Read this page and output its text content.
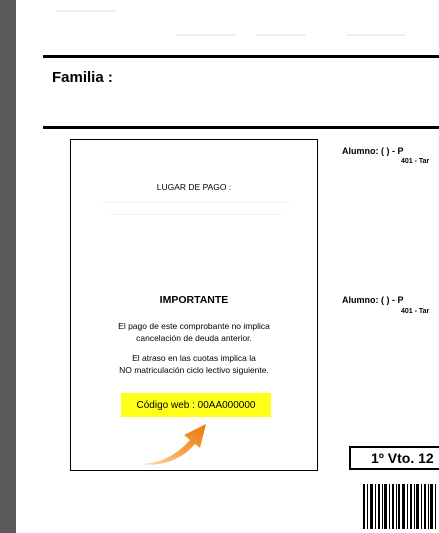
Familia :
LUGAR DE PAGO :
IMPORTANTE
El pago de este comprobante no implica
cancelación de deuda anterior.
El atraso en las cuotas implica la
NO matriculación ciclo lectivo siguiente.
Código web : 00AA000000
Alumno: ( ) - P
401 - Tar
Alumno: ( ) - P
401 - Tar
1º Vto. 12
